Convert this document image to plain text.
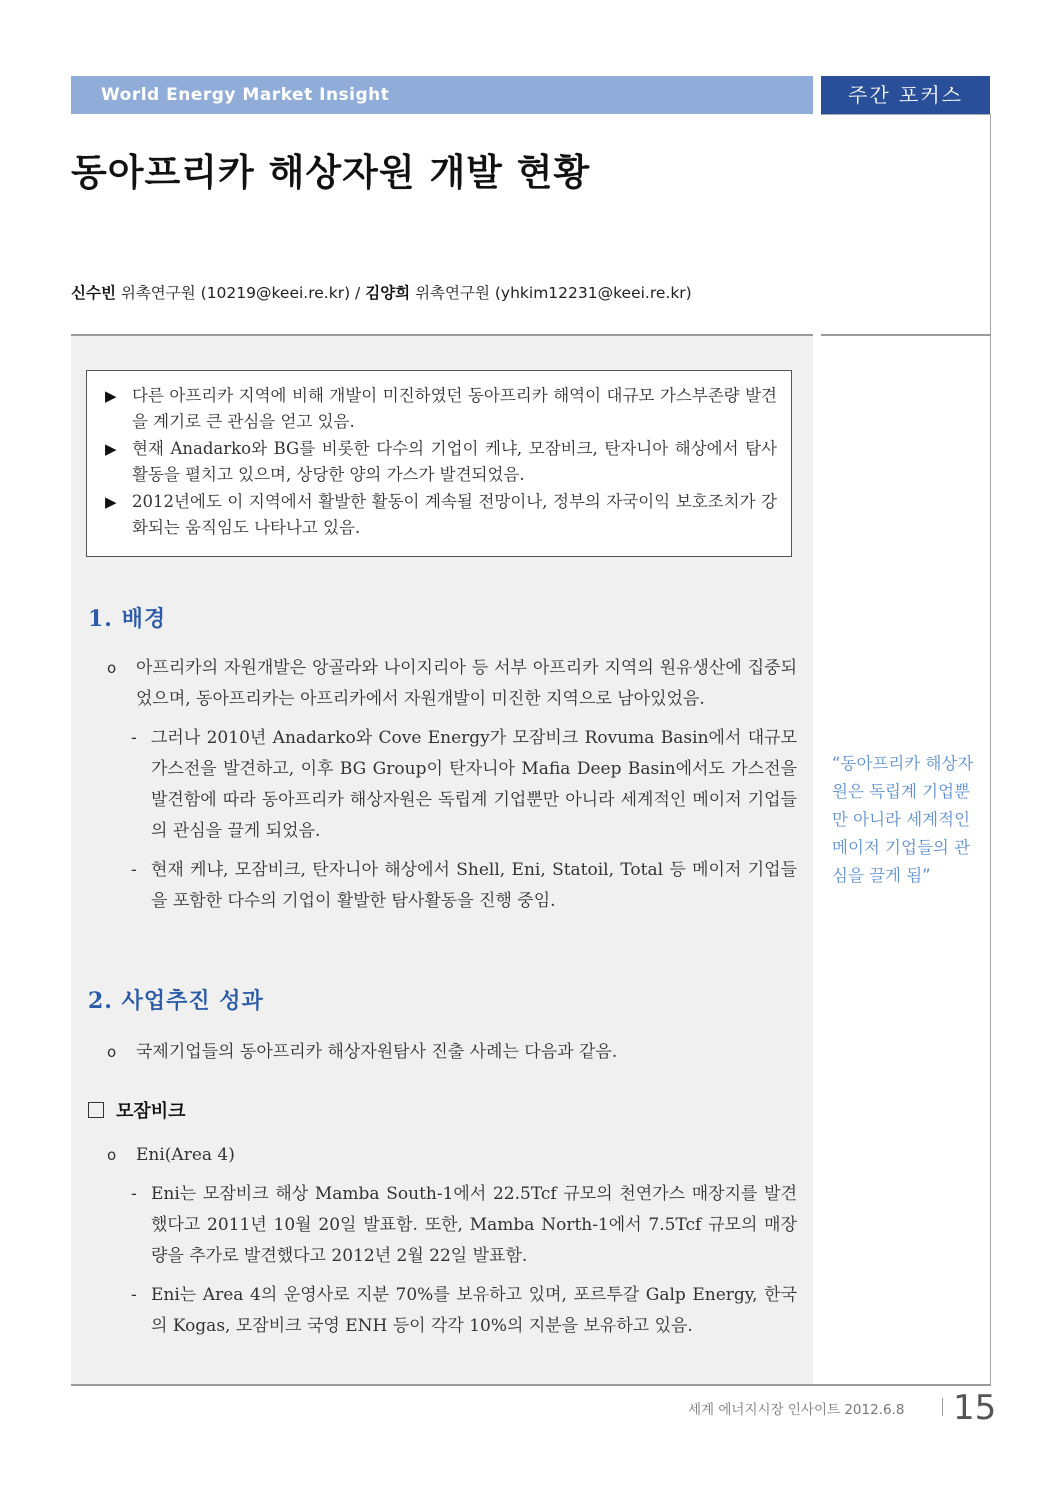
World Energy Market Insight	주간 포커스
동아프리카 해상자원 개발 현황
신수빈 위촉연구원 (10219@keei.re.kr) / 김양희 위촉연구원 (yhkim12231@keei.re.kr)
▶ 다른 아프리카 지역에 비해 개발이 미진하였던 동아프리카 해역이 대규모 가스부존량 발견을 계기로 큰 관심을 얻고 있음.
▶ 현재 Anadarko와 BG를 비롯한 다수의 기업이 케냐, 모잠비크, 탄자니아 해상에서 탐사활동을 펼치고 있으며, 상당한 양의 가스가 발견되었음.
▶ 2012년에도 이 지역에서 활발한 활동이 계속될 전망이나, 정부의 자국이익 보호조치가 강화되는 움직임도 나타나고 있음.
1. 배경
o 아프리카의 자원개발은 앙골라와 나이지리아 등 서부 아프리카 지역의 원유생산에 집중되었으며, 동아프리카는 아프리카에서 자원개발이 미진한 지역으로 남아있었음.
- 그러나 2010년 Anadarko와 Cove Energy가 모잠비크 Rovuma Basin에서 대규모 가스전을 발견하고, 이후 BG Group이 탄자니아 Mafia Deep Basin에서도 가스전을 발견함에 따라 동아프리카 해상자원은 독립계 기업뿐만 아니라 세계적인 메이저 기업들의 관심을 끌게 되었음.
- 현재 케냐, 모잠비크, 탄자니아 해상에서 Shell, Eni, Statoil, Total 등 메이저 기업들을 포함한 다수의 기업이 활발한 탐사활동을 진행 중임.
2. 사업추진 성과
o 국제기업들의 동아프리카 해상자원탐사 진출 사례는 다음과 같음.
모잠비크
o Eni(Area 4)
- Eni는 모잠비크 해상 Mamba South-1에서 22.5Tcf 규모의 천연가스 매장지를 발견했다고 2011년 10월 20일 발표함. 또한, Mamba North-1에서 7.5Tcf 규모의 매장량을 추가로 발견했다고 2012년 2월 22일 발표함.
- Eni는 Area 4의 운영사로 지분 70%를 보유하고 있며, 포르투갈 Galp Energy, 한국의 Kogas, 모잠비크 국영 ENH 등이 각각 10%의 지분을 보유하고 있음.
“동아프리카 해상자원은 독립계 기업뿐만 아니라 세계적인 메이저 기업들의 관심을 끌게 됨”
세계 에너지시장 인사이트 2012.6.8 15
